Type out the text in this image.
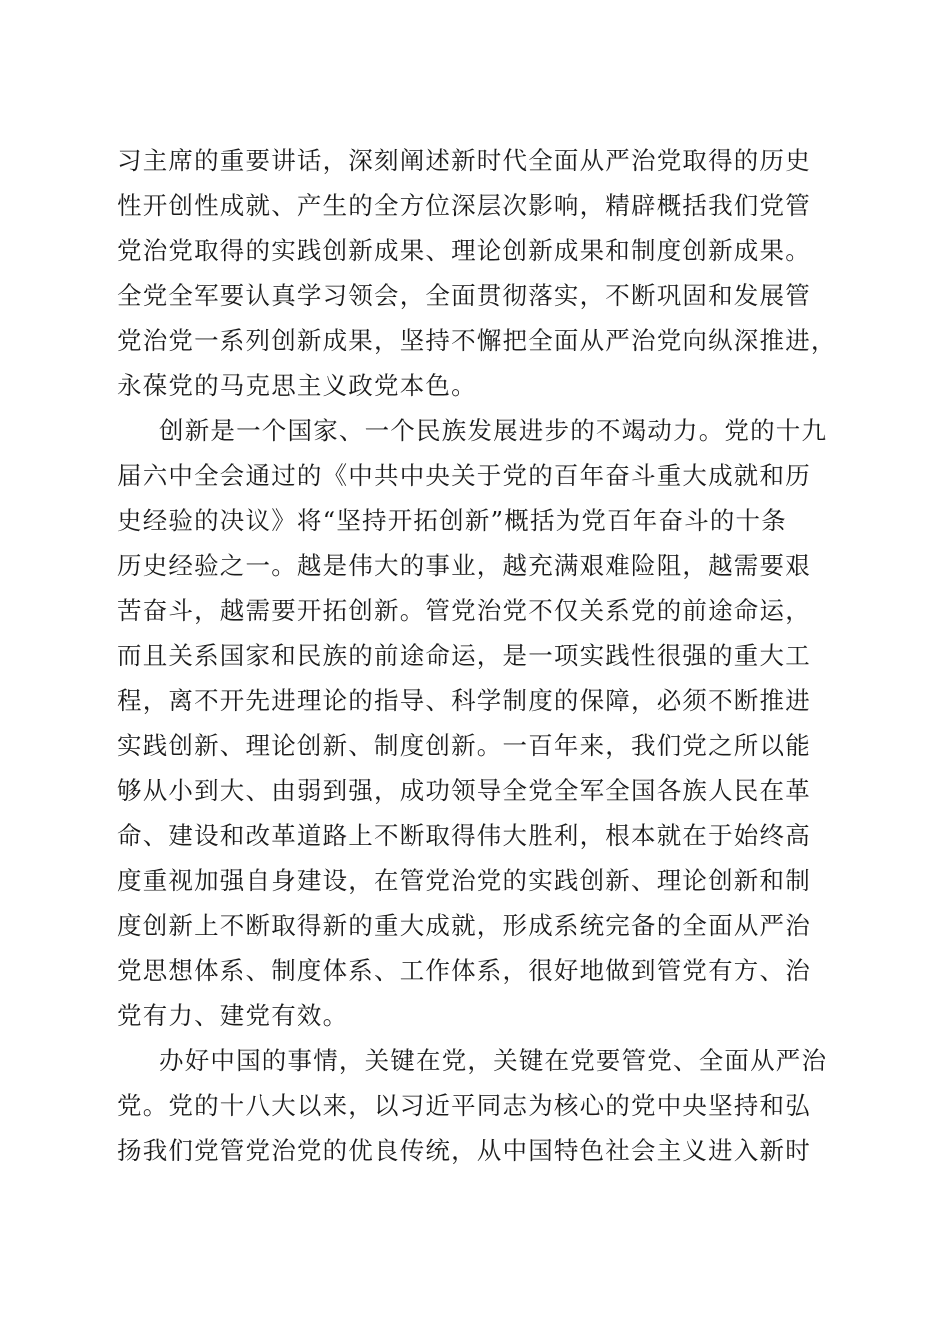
习主席的重要讲话，深刻阐述新时代全面从严治党取得的历史
性开创性成就、产生的全方位深层次影响，精辟概括我们党管
党治党取得的实践创新成果、理论创新成果和制度创新成果。
全党全军要认真学习领会，全面贯彻落实，不断巩固和发展管
党治党一系列创新成果，坚持不懈把全面从严治党向纵深推进，
永葆党的马克思主义政党本色。
创新是一个国家、一个民族发展进步的不竭动力。党的十九
届六中全会通过的《中共中央关于党的百年奋斗重大成就和历
史经验的决议》将“坚持开拓创新”概括为党百年奋斗的十条
历史经验之一。越是伟大的事业，越充满艰难险阻，越需要艰
苦奋斗，越需要开拓创新。管党治党不仅关系党的前途命运，
而且关系国家和民族的前途命运，是一项实践性很强的重大工
程，离不开先进理论的指导、科学制度的保障，必须不断推进
实践创新、理论创新、制度创新。一百年来，我们党之所以能
够从小到大、由弱到强，成功领导全党全军全国各族人民在革
命、建设和改革道路上不断取得伟大胜利，根本就在于始终高
度重视加强自身建设，在管党治党的实践创新、理论创新和制
度创新上不断取得新的重大成就，形成系统完备的全面从严治
党思想体系、制度体系、工作体系，很好地做到管党有方、治
党有力、建党有效。
办好中国的事情，关键在党，关键在党要管党、全面从严治
党。党的十八大以来，以习近平同志为核心的党中央坚持和弘
扬我们党管党治党的优良传统，从中国特色社会主义进入新时
